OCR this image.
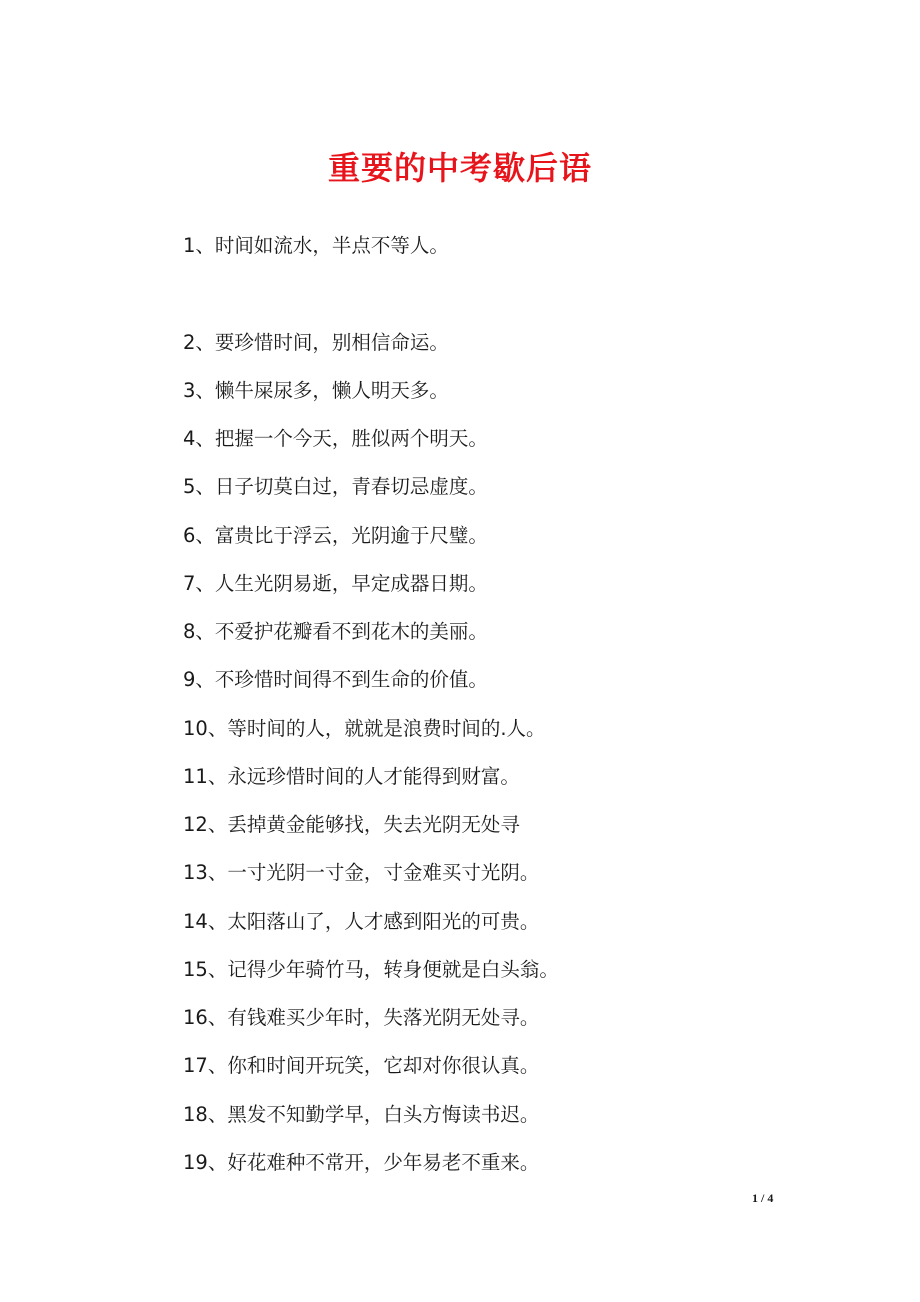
重要的中考歇后语
1、时间如流水，半点不等人。
2、要珍惜时间，别相信命运。
3、懒牛屎尿多，懒人明天多。
4、把握一个今天，胜似两个明天。
5、日子切莫白过，青春切忌虚度。
6、富贵比于浮云，光阴逾于尺璧。
7、人生光阴易逝，早定成器日期。
8、不爱护花瓣看不到花木的美丽。
9、不珍惜时间得不到生命的价值。
10、等时间的人，就就是浪费时间的.人。
11、永远珍惜时间的人才能得到财富。
12、丢掉黄金能够找，失去光阴无处寻
13、一寸光阴一寸金，寸金难买寸光阴。
14、太阳落山了，人才感到阳光的可贵。
15、记得少年骑竹马，转身便就是白头翁。
16、有钱难买少年时，失落光阴无处寻。
17、你和时间开玩笑，它却对你很认真。
18、黑发不知勤学早，白头方悔读书迟。
19、好花难种不常开，少年易老不重来。
1 / 4
